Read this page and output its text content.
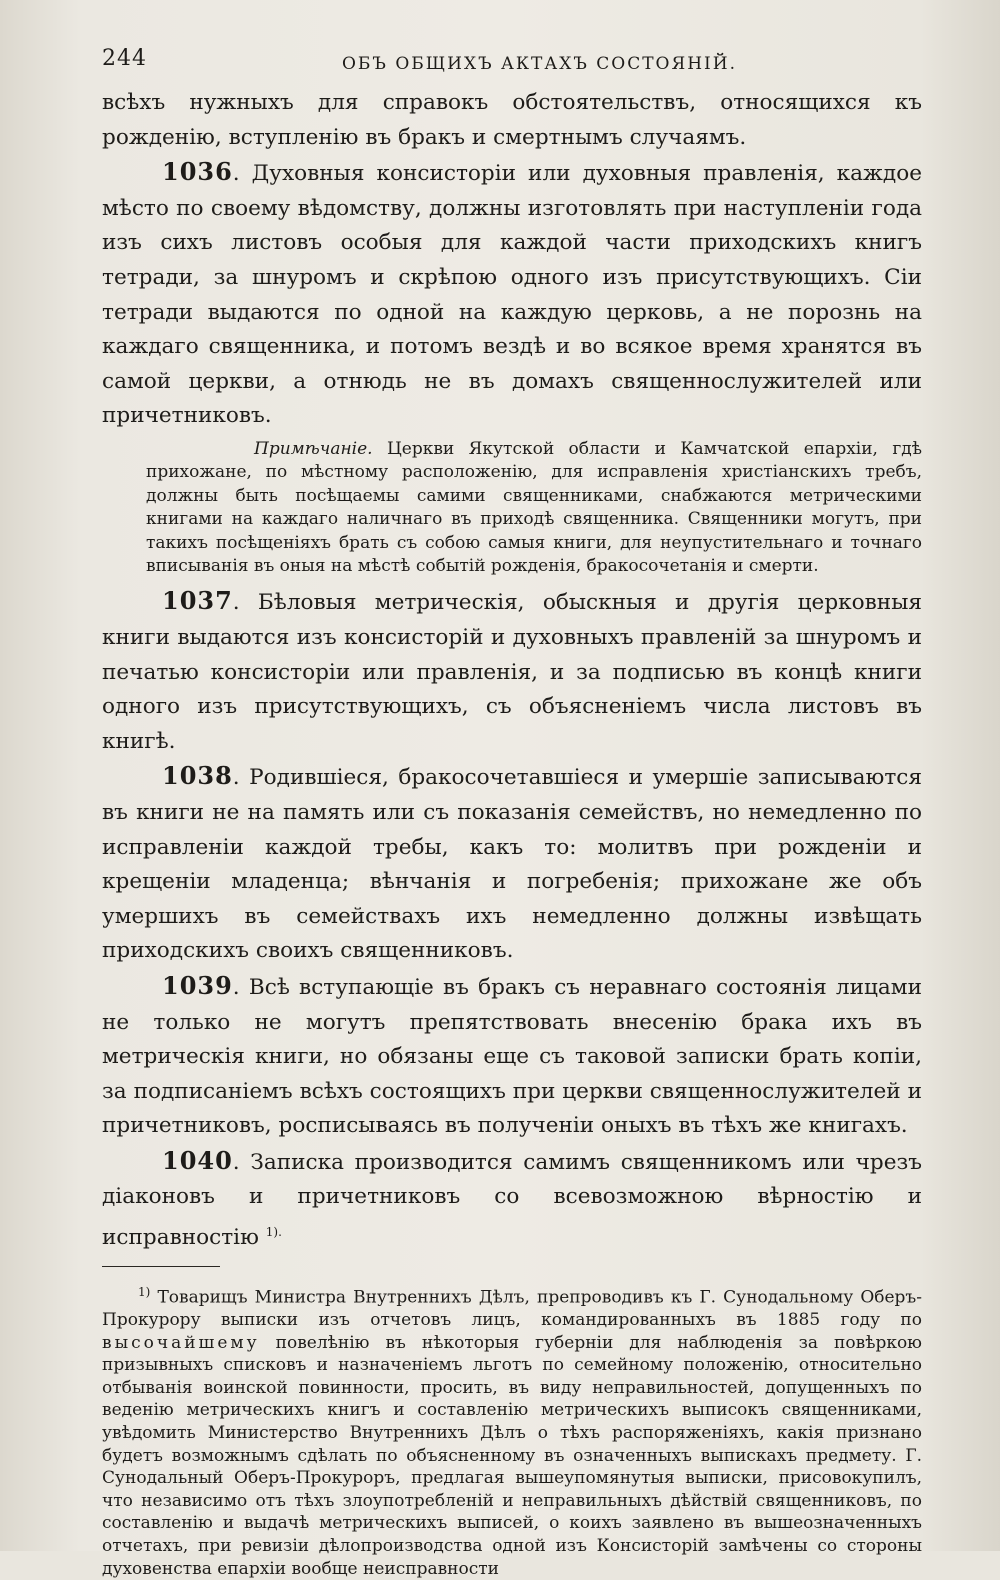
244	ОБЪ ОБЩИХЪ АКТАХЪ СОСТОЯНІЙ.

всѣхъ нужныхъ для справокъ обстоятельствъ, относящихся къ рожденію, вступленію въ бракъ и смертнымъ случаямъ.

1036. Духовныя консисторіи или духовныя правленія, каждое мѣсто по своему вѣдомству, должны изготовлять при наступленіи года изъ сихъ листовъ особыя для каждой части приходскихъ книгъ тетради, за шнуромъ и скрѣпою одного изъ присутствующихъ. Сіи тетради выдаются по одной на каждую церковь, а не порознь на каждаго священника, и потомъ вездѣ и во всякое время хранятся въ самой церкви, а отнюдь не въ домахъ священнослужителей или причетниковъ.

Примѣчаніе. Церкви Якутской области и Камчатской епархіи, гдѣ прихожане, по мѣстному расположенію, для исправленія христіанскихъ требъ, должны быть посѣщаемы самими священниками, снабжаются метрическими книгами на каждаго наличнаго въ приходѣ священника. Священники могутъ, при такихъ посѣщеніяхъ брать съ собою самыя книги, для неупустительнаго и точнаго вписыванія въ оныя на мѣстѣ событій рожденія, бракосочетанія и смерти.

1037. Бѣловыя метрическія, обыскныя и другія церковныя книги выдаются изъ консисторій и духовныхъ правленій за шнуромъ и печатью консисторіи или правленія, и за подписью въ концѣ книги одного изъ присутствующихъ, съ объясненіемъ числа листовъ въ книгѣ.

1038. Родившіеся, бракосочетавшіеся и умершіе записываются въ книги не на память или съ показанія семействъ, но немедленно по исправленіи каждой требы, какъ то: молитвъ при рожденіи и крещеніи младенца; вѣнчанія и погребенія; прихожане же объ умершихъ въ семействахъ ихъ немедленно должны извѣщать приходскихъ своихъ священниковъ.

1039. Всѣ вступающіе въ бракъ съ неравнаго состоянія лицами не только не могутъ препятствовать внесенію брака ихъ въ метрическія книги, но обязаны еще съ таковой записки брать копіи, за подписаніемъ всѣхъ состоящихъ при церкви священнослужителей и причетниковъ, росписываясь въ полученіи оныхъ въ тѣхъ же книгахъ.

1040. Записка производится самимъ священникомъ или чрезъ діаконовъ и причетниковъ со всевозможною вѣрностію и исправностію $^{1).}$

$^{1)}$ Товарищъ Министра Внутреннихъ Дѣлъ, препроводивъ къ Г. Сунодальному Оберъ-Прокурору выписки изъ отчетовъ лицъ, командированныхъ въ 1885 году по высочайшему повелѣнію въ нѣкоторыя губерніи для наблюденія за повѣркою призывныхъ списковъ и назначеніемъ льготъ по семейному положенію, относительно отбыванія воинской повинности, просить, въ виду неправильностей, допущенныхъ по веденію метрическихъ книгъ и составленію метрическихъ выписокъ священниками, увѣдомить Министерство Внутреннихъ Дѣлъ о тѣхъ распоряженіяхъ, какія признано будетъ возможнымъ сдѣлать по объясненному въ означенныхъ выпискахъ предмету. Г. Сунодальный Оберъ-Прокуроръ, предлагая вышеупомянутыя выписки, присовокупилъ, что независимо отъ тѣхъ злоупотребленій и неправильныхъ дѣйствій священниковъ, по составленію и выдачѣ метрическихъ выписей, о коихъ заявлено въ вышеозначенныхъ отчетахъ, при ревизіи дѣлопроизводства одной изъ Консисторій замѣчены со стороны духовенства епархіи вообще неисправности
